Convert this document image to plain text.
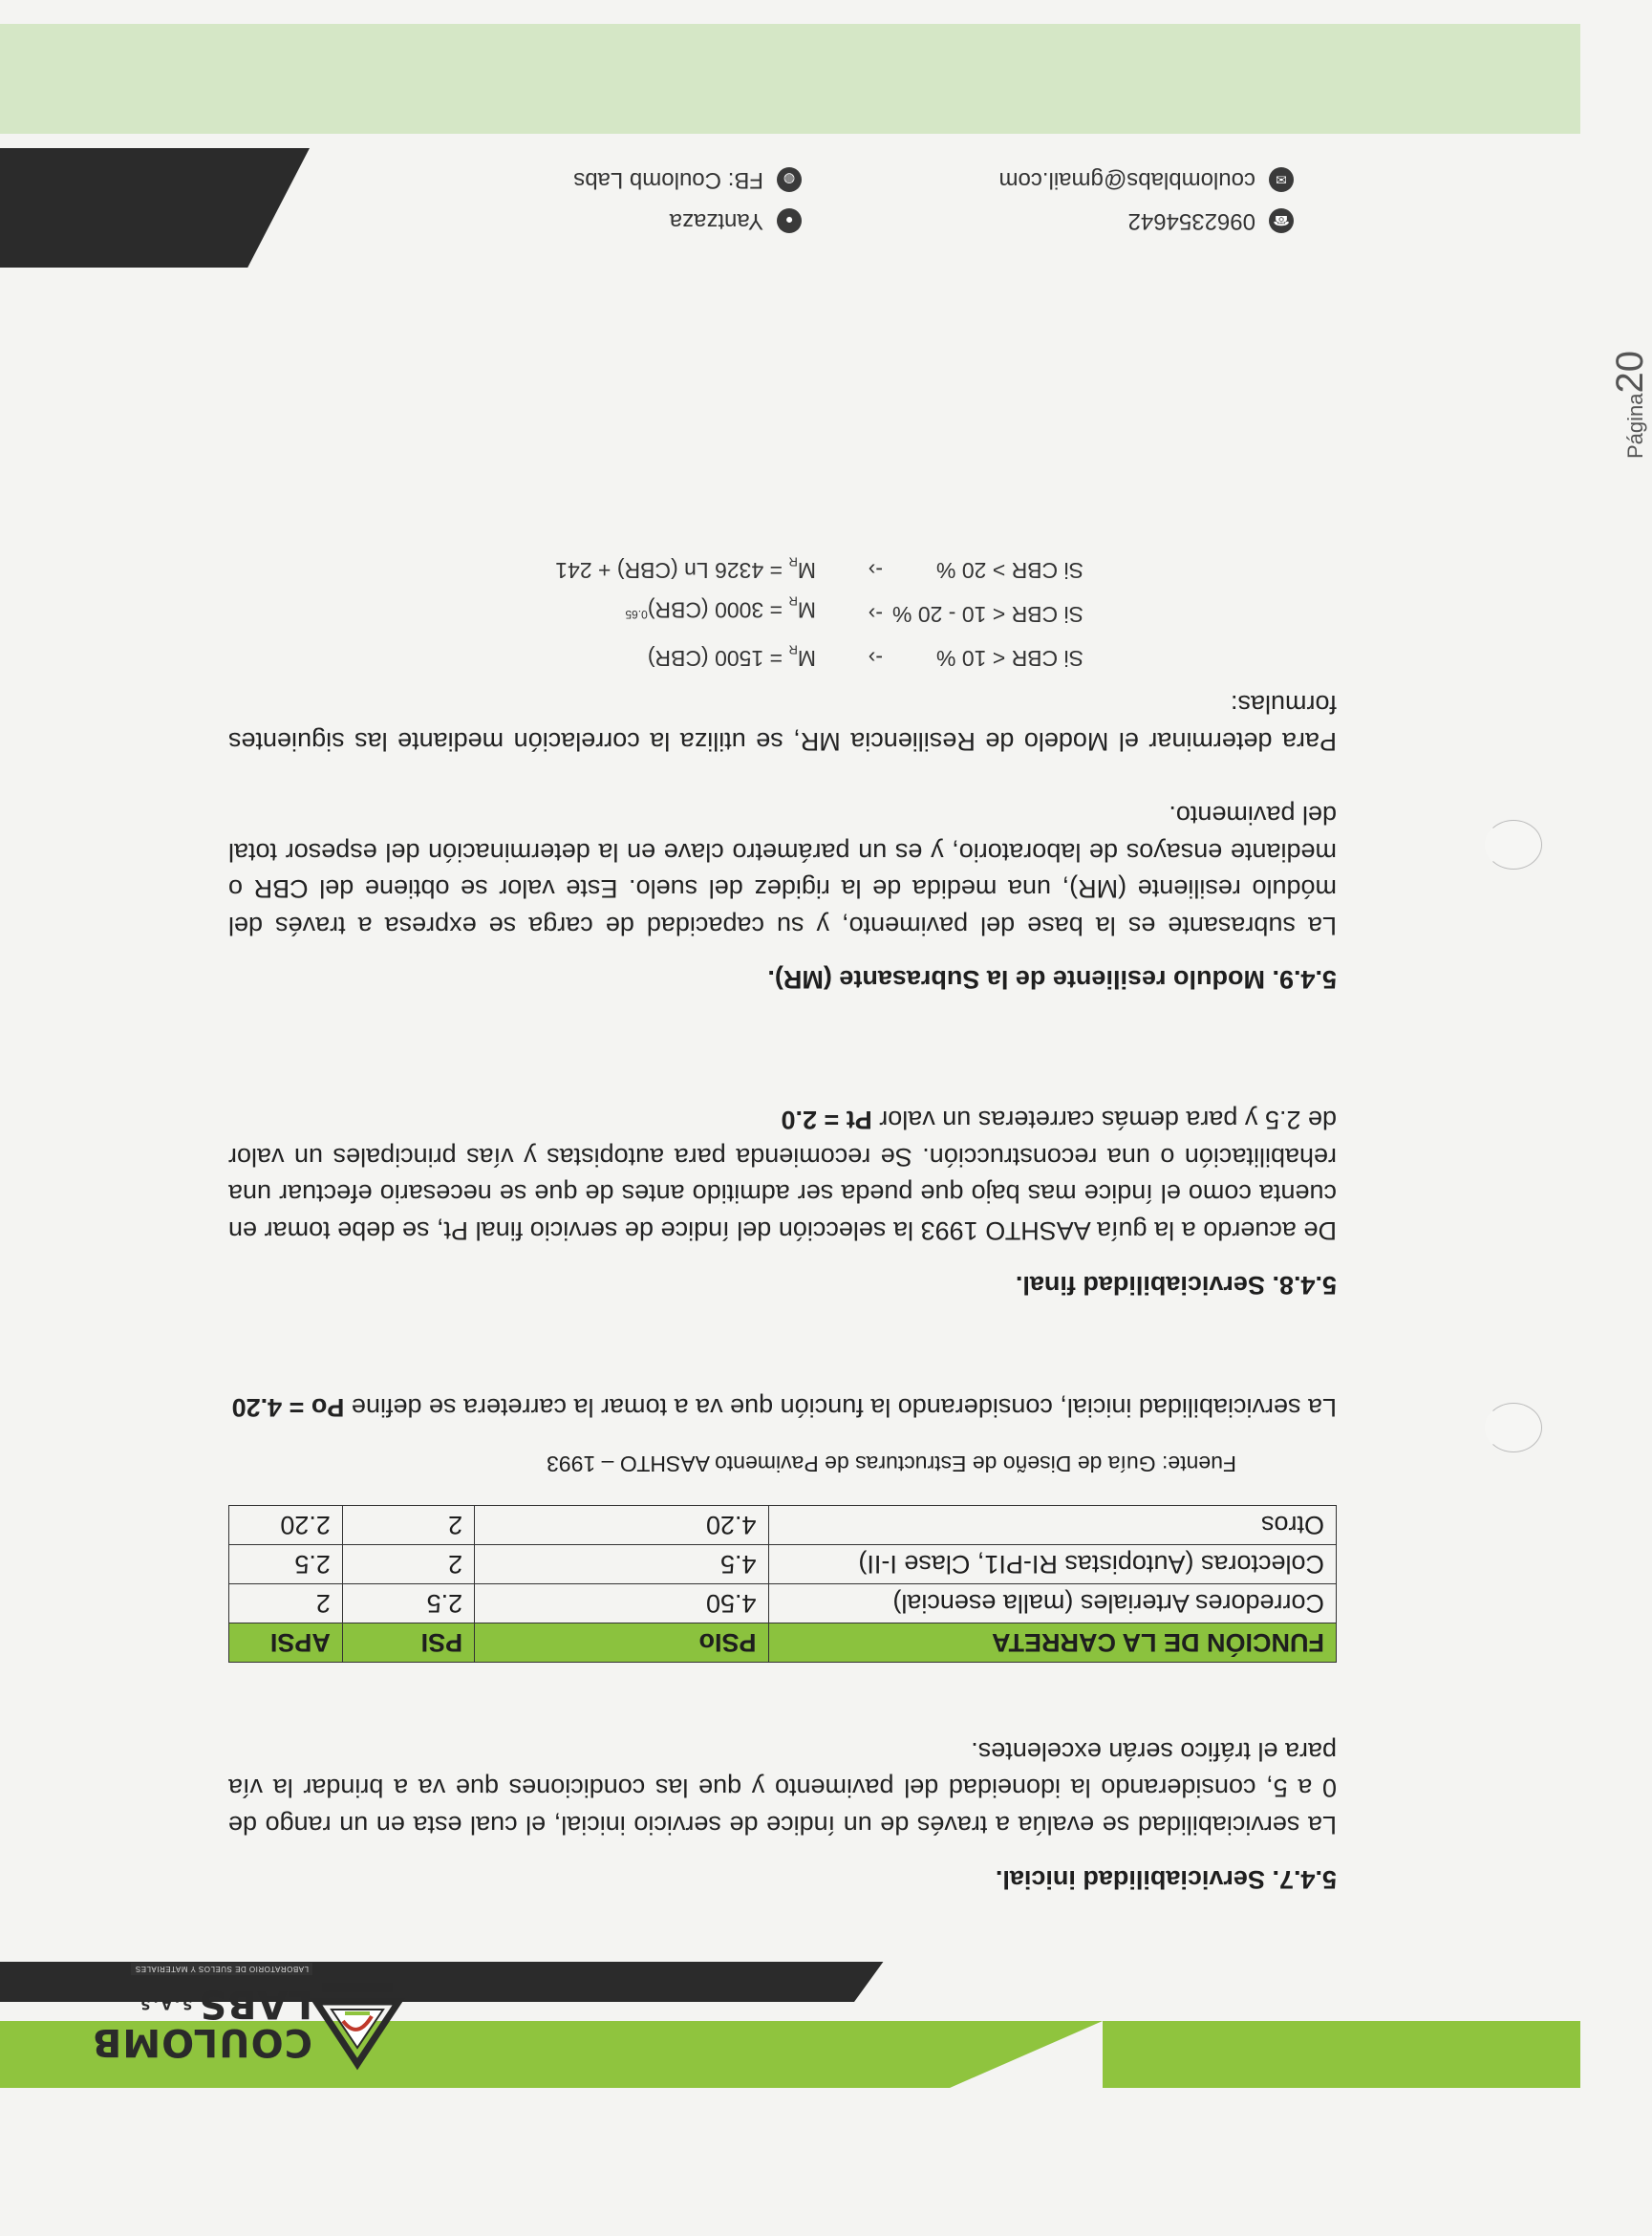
COULOMB
$LABS^{S.A.S}$
LABORATORIO DE SUELOS Y MATERIALES
5.4.7. Serviciabilidad inicial.

La serviciabilidad se evalúa a través de un índice de servicio inicial, el cual esta en un rango de 0 a 5, considerando la idoneidad del pavimento y que las condiciones que va a brindar la vía para el tráfico serán excelentes.

FUNCIÓN DE LA CARRETA	PSIo	PSI	APSI
Corredores Arteriales (malla esencial)	4.50	2.5	2
Colectoras (Autopistas RI-PI1, Clase I-II)	4.5	2	2.5
Otros	4.20	2	2.20
Fuente: Guía de Diseño de Estructuras de Pavimento AASHTO – 1993

La serviciabilidad inicial, considerando la función que va a tomar la carretera se define Po = 4.20

5.4.8. Serviciabilidad final.

De acuerdo a la guía AASHTO 1993 la selección del índice de servicio final Pt, se debe tomar en cuenta como el índice mas bajo que pueda ser admitido antes de que se necesario efectuar una rehabilitación o una reconstrucción. Se recomienda para autopistas y vías principales un valor de 2.5 y para demás carreteras un valor Pt = 2.0

5.4.9. Modulo resiliente de la Subrasante (MR).

La subrasante es la base del pavimento, y su capacidad de carga se expresa a través del módulo resiliente (MR), una medida de la rigidez del suelo. Este valor se obtiene del CBR o mediante ensayos de laboratorio, y es un parámetro clave en la determinación del espesor total del pavimento.

Para determinar el Modelo de Resiliencia MR, se utiliza la correlación mediante las siguientes formulas:

Si CBR < 10 %
-›
$M_R = 1500$ (CBR)
Si CBR < 10 - 20 %
-›
$M_R = 3000$ (CBR)$^{0.65}$
Si CBR > 20 %
-›
$M_R = 4326$ Ln (CBR) + 241
Página20
☎
0962354642
●
Yantzaza
✉
coulomblabs@gmail.com
◍
FB: Coulomb Labs
